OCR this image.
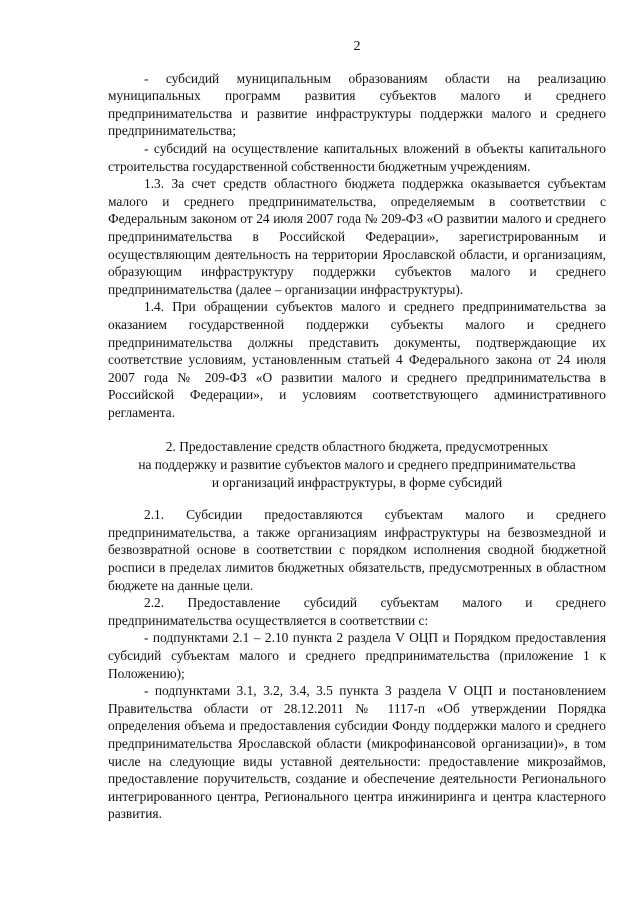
2

- субсидий муниципальным образованиям области на реализацию муниципальных программ развития субъектов малого и среднего предпринимательства и развитие инфраструктуры поддержки малого и среднего предпринимательства;

- субсидий на осуществление капитальных вложений в объекты капитального строительства государственной собственности бюджетным учреждениям.

1.3. За счет средств областного бюджета поддержка оказывается субъектам малого и среднего предпринимательства, определяемым в соответствии с Федеральным законом от 24 июля 2007 года № 209-ФЗ «О развитии малого и среднего предпринимательства в Российской Федерации», зарегистрированным и осуществляющим деятельность на территории Ярославской области, и организациям, образующим инфраструктуру поддержки субъектов малого и среднего предпринимательства (далее – организации инфраструктуры).

1.4. При обращении субъектов малого и среднего предпринимательства за оказанием государственной поддержки субъекты малого и среднего предпринимательства должны представить документы, подтверждающие их соответствие условиям, установленным статьей 4 Федерального закона от 24 июля 2007 года № 209-ФЗ «О развитии малого и среднего предпринимательства в Российской Федерации», и условиям соответствующего административного регламента.

2. Предоставление средств областного бюджета, предусмотренных
на поддержку и развитие субъектов малого и среднего предпринимательства
и организаций инфраструктуры, в форме субсидий

2.1. Субсидии предоставляются субъектам малого и среднего предпринимательства, а также организациям инфраструктуры на безвозмездной и безвозвратной основе в соответствии с порядком исполнения сводной бюджетной росписи в пределах лимитов бюджетных обязательств, предусмотренных в областном бюджете на данные цели.

2.2. Предоставление субсидий субъектам малого и среднего предпринимательства осуществляется в соответствии с:

- подпунктами 2.1 – 2.10 пункта 2 раздела V ОЦП и Порядком предоставления субсидий субъектам малого и среднего предпринимательства (приложение 1 к Положению);

- подпунктами 3.1, 3.2, 3.4, 3.5 пункта 3 раздела V ОЦП и постановлением Правительства области от 28.12.2011 № 1117-п «Об утверждении Порядка определения объема и предоставления субсидии Фонду поддержки малого и среднего предпринимательства Ярославской области (микрофинансовой организации)», в том числе на следующие виды уставной деятельности: предоставление микрозаймов, предоставление поручительств, создание и обеспечение деятельности Регионального интегрированного центра, Регионального центра инжиниринга и центра кластерного развития.
